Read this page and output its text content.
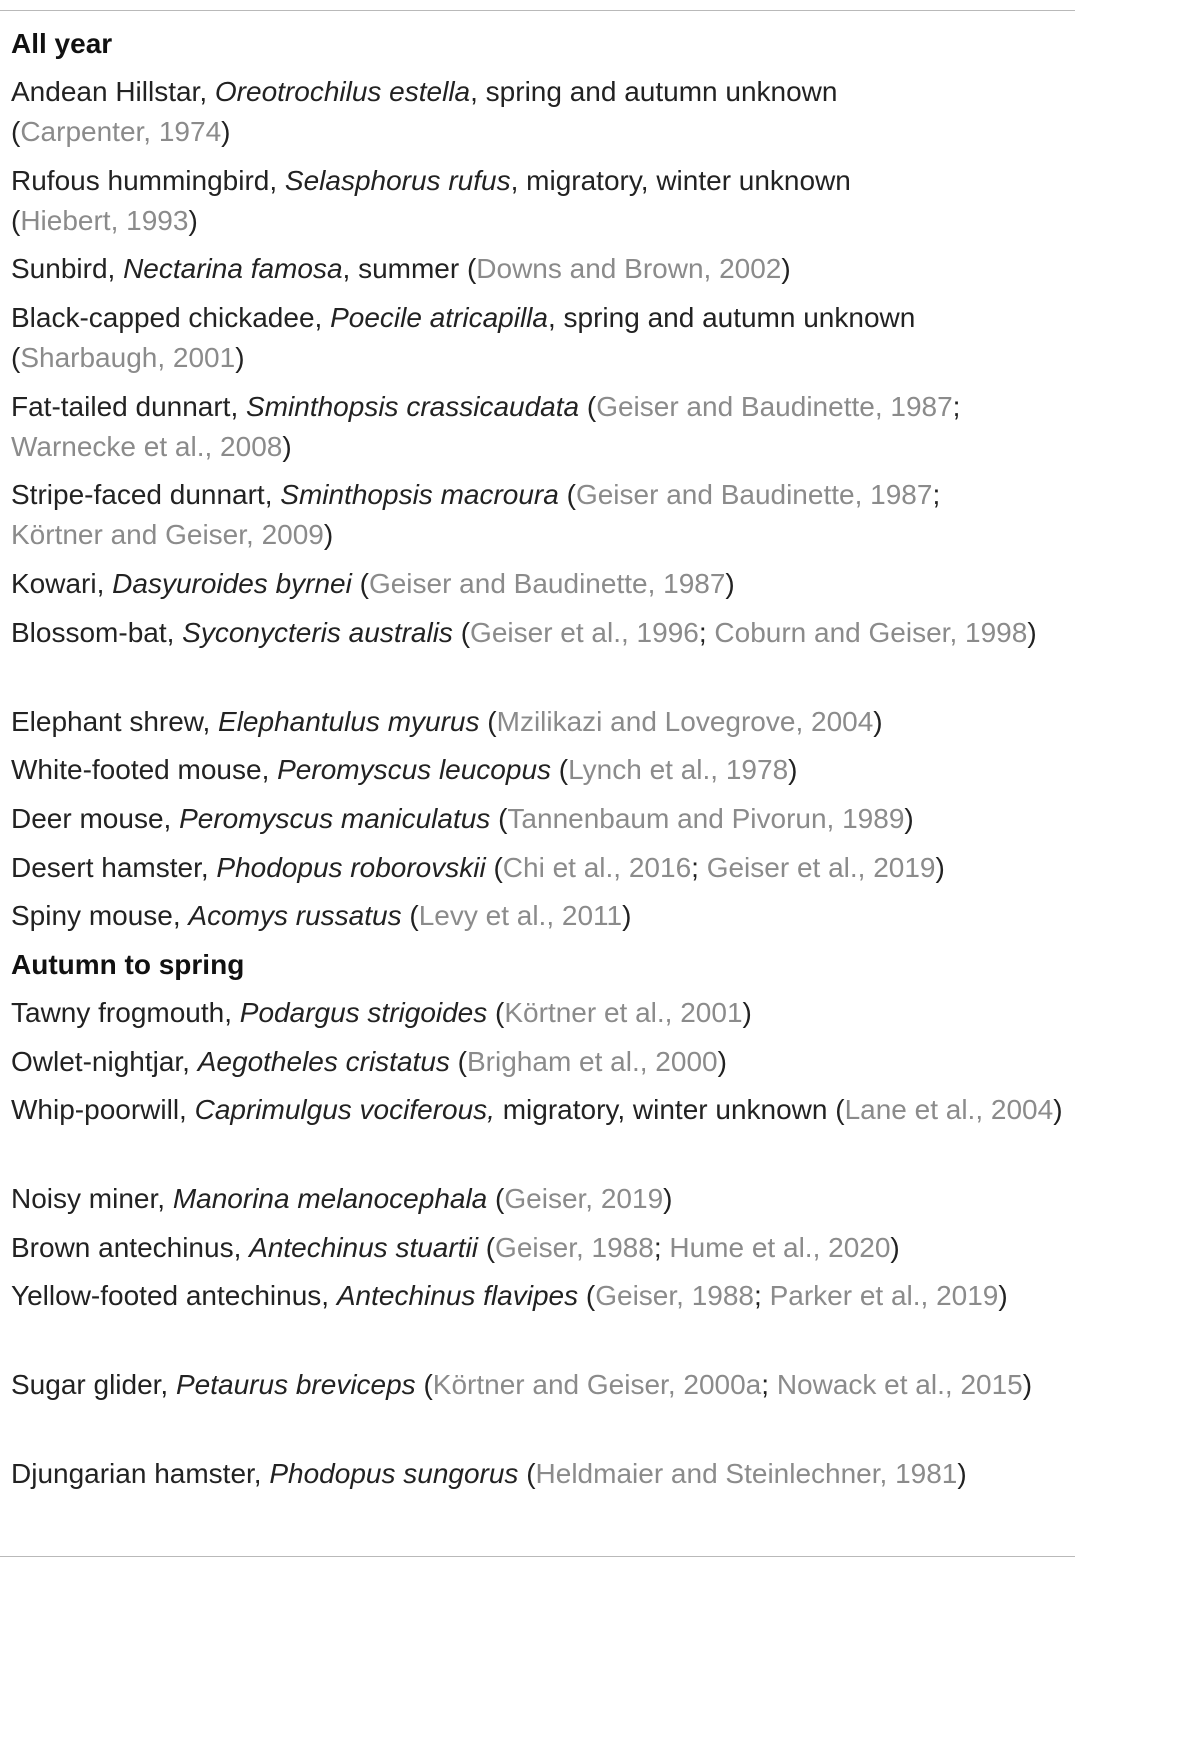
All year
Andean Hillstar, Oreotrochilus estella, spring and autumn unknown
(Carpenter, 1974)
Rufous hummingbird, Selasphorus rufus, migratory, winter unknown
(Hiebert, 1993)
Sunbird, Nectarina famosa, summer (Downs and Brown, 2002)
Black-capped chickadee, Poecile atricapilla, spring and autumn unknown
(Sharbaugh, 2001)
Fat-tailed dunnart, Sminthopsis crassicaudata (Geiser and Baudinette, 1987; Warnecke et al., 2008)
Stripe-faced dunnart, Sminthopsis macroura (Geiser and Baudinette, 1987;
Körtner and Geiser, 2009)
Kowari, Dasyuroides byrnei (Geiser and Baudinette, 1987)
Blossom-bat, Syconycteris australis (Geiser et al., 1996; Coburn and Geiser, 1998)
Elephant shrew, Elephantulus myurus (Mzilikazi and Lovegrove, 2004)
White-footed mouse, Peromyscus leucopus (Lynch et al., 1978)
Deer mouse, Peromyscus maniculatus (Tannenbaum and Pivorun, 1989)
Desert hamster, Phodopus roborovskii (Chi et al., 2016; Geiser et al., 2019)
Spiny mouse, Acomys russatus (Levy et al., 2011)
Autumn to spring
Tawny frogmouth, Podargus strigoides (Körtner et al., 2001)
Owlet-nightjar, Aegotheles cristatus (Brigham et al., 2000)
Whip-poorwill, Caprimulgus vociferous, migratory, winter unknown (Lane et al., 2004)
Noisy miner, Manorina melanocephala (Geiser, 2019)
Brown antechinus, Antechinus stuartii (Geiser, 1988; Hume et al., 2020)
Yellow-footed antechinus, Antechinus flavipes (Geiser, 1988; Parker et al., 2019)
Sugar glider, Petaurus breviceps (Körtner and Geiser, 2000a; Nowack et al., 2015)
Djungarian hamster, Phodopus sungorus (Heldmaier and Steinlechner, 1981)
